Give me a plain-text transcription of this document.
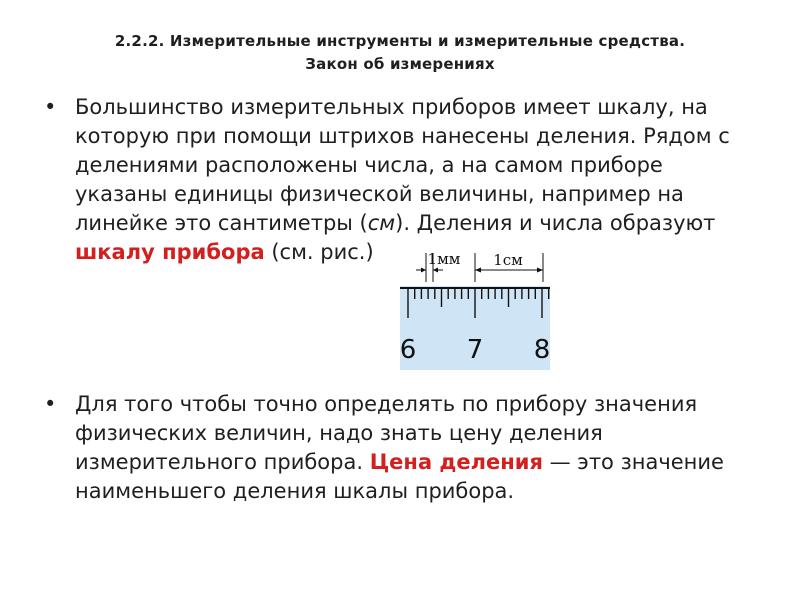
2.2.2. Измерительные инструменты и измерительные средства.
Закон об измерениях
• Большинство измерительных приборов имеет шкалу, на которую при помощи штрихов нанесены деления. Рядом с делениями расположены числа, а на самом приборе указаны единицы физической величины, например на линейке это сантиметры (см). Деления и числа образуют шкалу прибора (см. рис.)	1мм 1см
6 7 8
• Для того чтобы точно определять по прибору значения физических величин, надо знать цену деления измерительного прибора. Цена деления — это значение наименьшего деления шкалы прибора.
